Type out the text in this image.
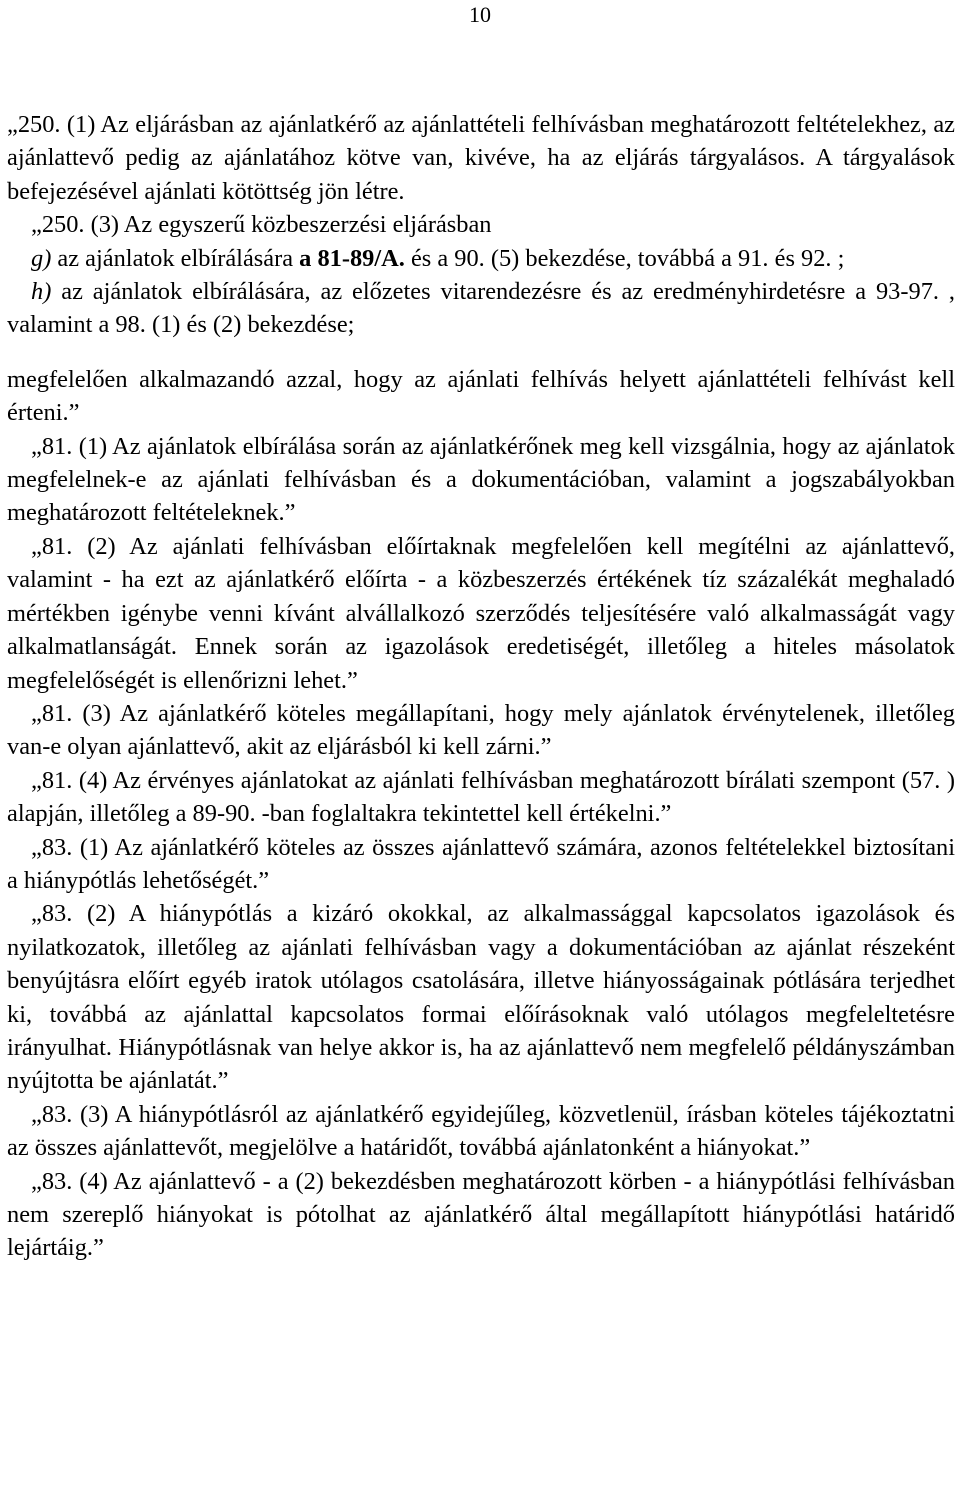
10

„250. (1) Az eljárásban az ajánlatkérő az ajánlattételi felhívásban meghatározott feltételekhez, az ajánlattevő pedig az ajánlatához kötve van, kivéve, ha az eljárás tárgyalásos. A tárgyalások befejezésével ajánlati kötöttség jön létre.

„250. (3) Az egyszerű közbeszerzési eljárásban

g) az ajánlatok elbírálására a 81-89/A. és a 90. (5) bekezdése, továbbá a 91. és 92. ;

h) az ajánlatok elbírálására, az előzetes vitarendezésre és az eredményhirdetésre a 93-97. , valamint a 98. (1) és (2) bekezdése;

megfelelően alkalmazandó azzal, hogy az ajánlati felhívás helyett ajánlattételi felhívást kell érteni.”

„81. (1) Az ajánlatok elbírálása során az ajánlatkérőnek meg kell vizsgálnia, hogy az ajánlatok megfelelnek-e az ajánlati felhívásban és a dokumentációban, valamint a jogszabályokban meghatározott feltételeknek.”

„81. (2) Az ajánlati felhívásban előírtaknak megfelelően kell megítélni az ajánlattevő, valamint - ha ezt az ajánlatkérő előírta - a közbeszerzés értékének tíz százalékát meghaladó mértékben igénybe venni kívánt alvállalkozó szerződés teljesítésére való alkalmasságát vagy alkalmatlanságát. Ennek során az igazolások eredetiségét, illetőleg a hiteles másolatok megfelelőségét is ellenőrizni lehet.”

„81. (3) Az ajánlatkérő köteles megállapítani, hogy mely ajánlatok érvénytelenek, illetőleg van-e olyan ajánlattevő, akit az eljárásból ki kell zárni.”

„81. (4) Az érvényes ajánlatokat az ajánlati felhívásban meghatározott bírálati szempont (57. ) alapján, illetőleg a 89-90. -ban foglaltakra tekintettel kell értékelni.”

„83. (1) Az ajánlatkérő köteles az összes ajánlattevő számára, azonos feltételekkel biztosítani a hiánypótlás lehetőségét.”

„83. (2) A hiánypótlás a kizáró okokkal, az alkalmassággal kapcsolatos igazolások és nyilatkozatok, illetőleg az ajánlati felhívásban vagy a dokumentációban az ajánlat részeként benyújtásra előírt egyéb iratok utólagos csatolására, illetve hiányosságainak pótlására terjedhet ki, továbbá az ajánlattal kapcsolatos formai előírásoknak való utólagos megfeleltetésre irányulhat. Hiánypótlásnak van helye akkor is, ha az ajánlattevő nem megfelelő példányszámban nyújtotta be ajánlatát.”

„83. (3) A hiánypótlásról az ajánlatkérő egyidejűleg, közvetlenül, írásban köteles tájékoztatni az összes ajánlattevőt, megjelölve a határidőt, továbbá ajánlatonként a hiányokat.”

„83. (4) Az ajánlattevő - a (2) bekezdésben meghatározott körben - a hiánypótlási felhívásban nem szereplő hiányokat is pótolhat az ajánlatkérő által megállapított hiánypótlási határidő lejártáig.”
